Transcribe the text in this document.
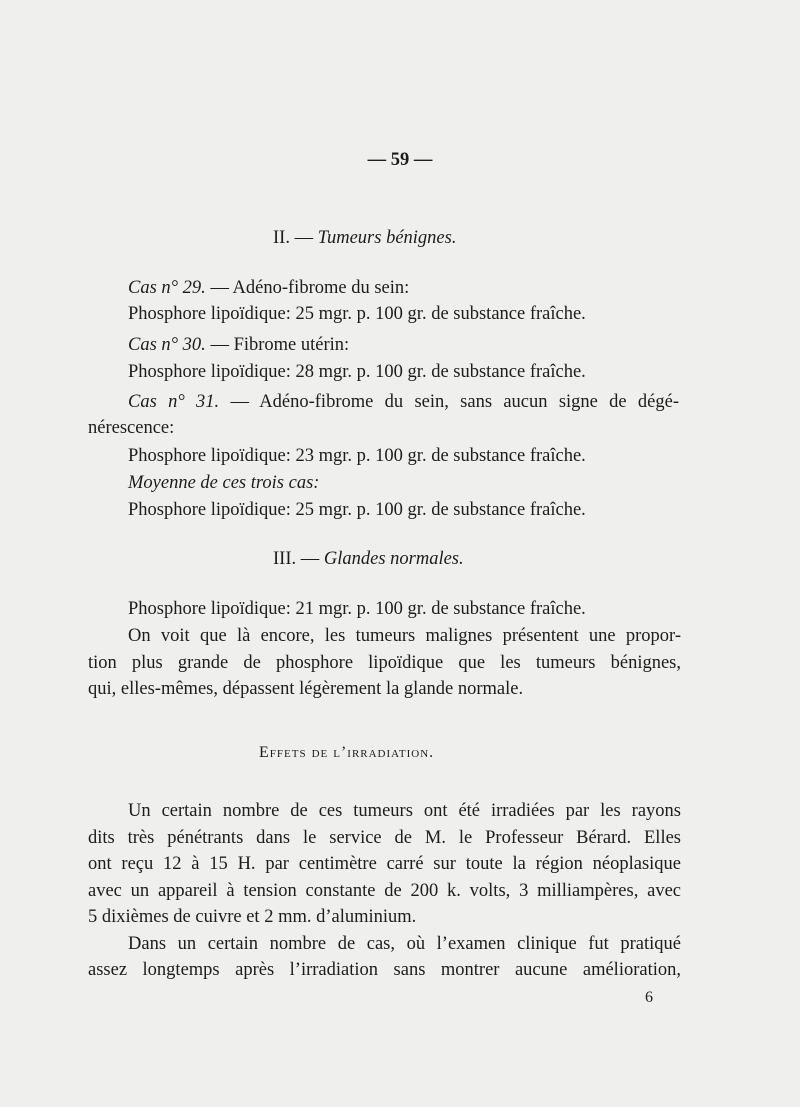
— 59 —
II. — Tumeurs bénignes.
Cas n° 29. — Adéno-fibrome du sein:
Phosphore lipoïdique: 25 mgr. p. 100 gr. de substance fraîche.
Cas n° 30. — Fibrome utérin:
Phosphore lipoïdique: 28 mgr. p. 100 gr. de substance fraîche.
Cas n° 31. — Adéno-fibrome du sein, sans aucun signe de dégé-
nérescence:
Phosphore lipoïdique: 23 mgr. p. 100 gr. de substance fraîche.
Moyenne de ces trois cas:
Phosphore lipoïdique: 25 mgr. p. 100 gr. de substance fraîche.
III. — Glandes normales.
Phosphore lipoïdique: 21 mgr. p. 100 gr. de substance fraîche.
On voit que là encore, les tumeurs malignes présentent une propor-
tion plus grande de phosphore lipoïdique que les tumeurs bénignes,
qui, elles-mêmes, dépassent légèrement la glande normale.
Effets de l’irradiation.
Un certain nombre de ces tumeurs ont été irradiées par les rayons
dits très pénétrants dans le service de M. le Professeur Bérard. Elles
ont reçu 12 à 15 H. par centimètre carré sur toute la région néoplasique
avec un appareil à tension constante de 200 k. volts, 3 milliampères, avec
5 dixièmes de cuivre et 2 mm. d’aluminium.
Dans un certain nombre de cas, où l’examen clinique fut pratiqué
assez longtemps après l’irradiation sans montrer aucune amélioration,
6
